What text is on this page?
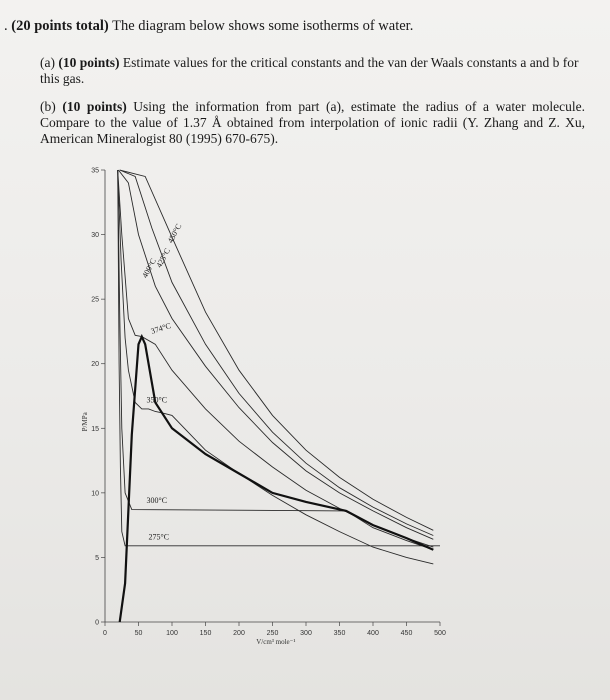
. (20 points total) The diagram below shows some isotherms of water.
(a) (10 points) Estimate values for the critical constants and the van der Waals constants a and b for this gas.
(b) (10 points) Using the information from part (a), estimate the radius of a water molecule. Compare to the value of 1.37 Å obtained from interpolation of ionic radii (Y. Zhang and Z. Xu, American Mineralogist 80 (1995) 670-675).
0
5
10
15
20
25
30
35
0	50	100	150	200	250	300	350	400	450	500
P/MPa
V/cm³ mole⁻¹
450°C
425°C
400°C
374°C
350°C
300°C
275°C
